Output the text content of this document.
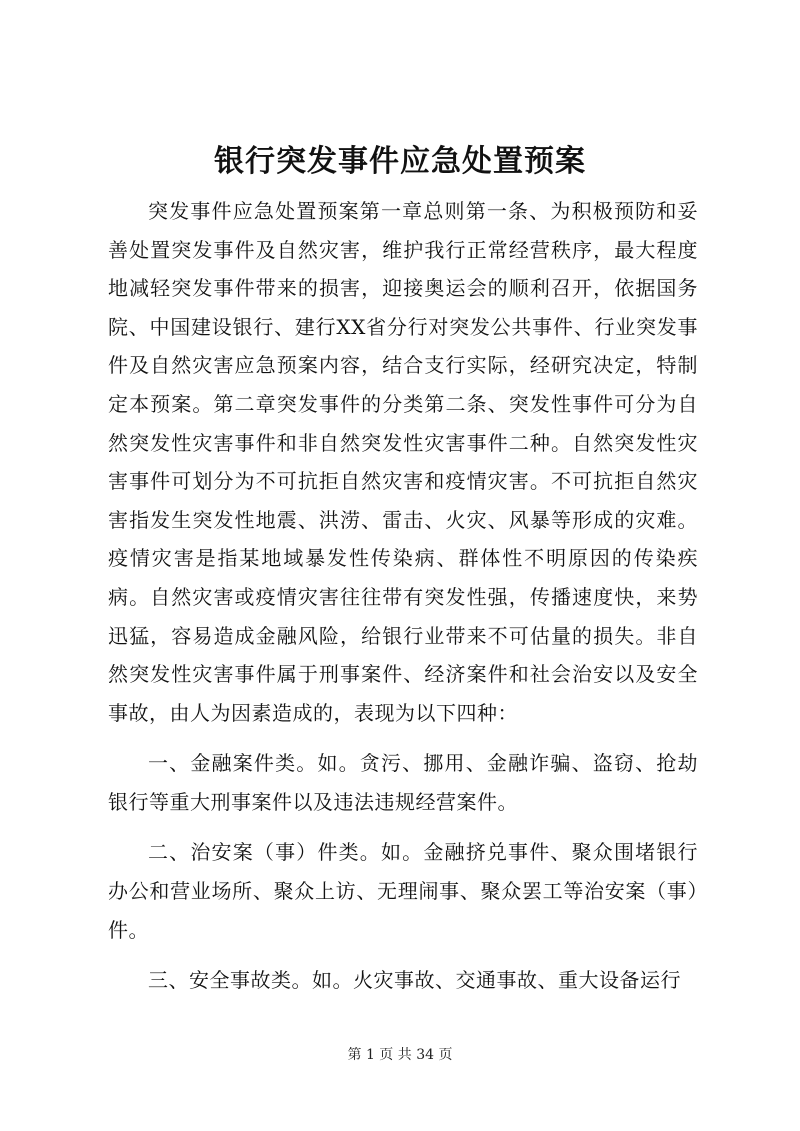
银行突发事件应急处置预案

突发事件应急处置预案第一章总则第一条、为积极预防和妥善处置突发事件及自然灾害，维护我行正常经营秩序，最大程度地减轻突发事件带来的损害，迎接奥运会的顺利召开，依据国务院、中国建设银行、建行XX省分行对突发公共事件、行业突发事件及自然灾害应急预案内容，结合支行实际，经研究决定，特制定本预案。第二章突发事件的分类第二条、突发性事件可分为自然突发性灾害事件和非自然突发性灾害事件二种。自然突发性灾害事件可划分为不可抗拒自然灾害和疫情灾害。不可抗拒自然灾害指发生突发性地震、洪涝、雷击、火灾、风暴等形成的灾难。疫情灾害是指某地域暴发性传染病、群体性不明原因的传染疾病。自然灾害或疫情灾害往往带有突发性强，传播速度快，来势迅猛，容易造成金融风险，给银行业带来不可估量的损失。非自然突发性灾害事件属于刑事案件、经济案件和社会治安以及安全事故，由人为因素造成的，表现为以下四种：

一、金融案件类。如。贪污、挪用、金融诈骗、盗窃、抢劫银行等重大刑事案件以及违法违规经营案件。

二、治安案（事）件类。如。金融挤兑事件、聚众围堵银行办公和营业场所、聚众上访、无理闹事、聚众罢工等治安案（事）件。

三、安全事故类。如。火灾事故、交通事故、重大设备运行

第 1 页 共 34 页
